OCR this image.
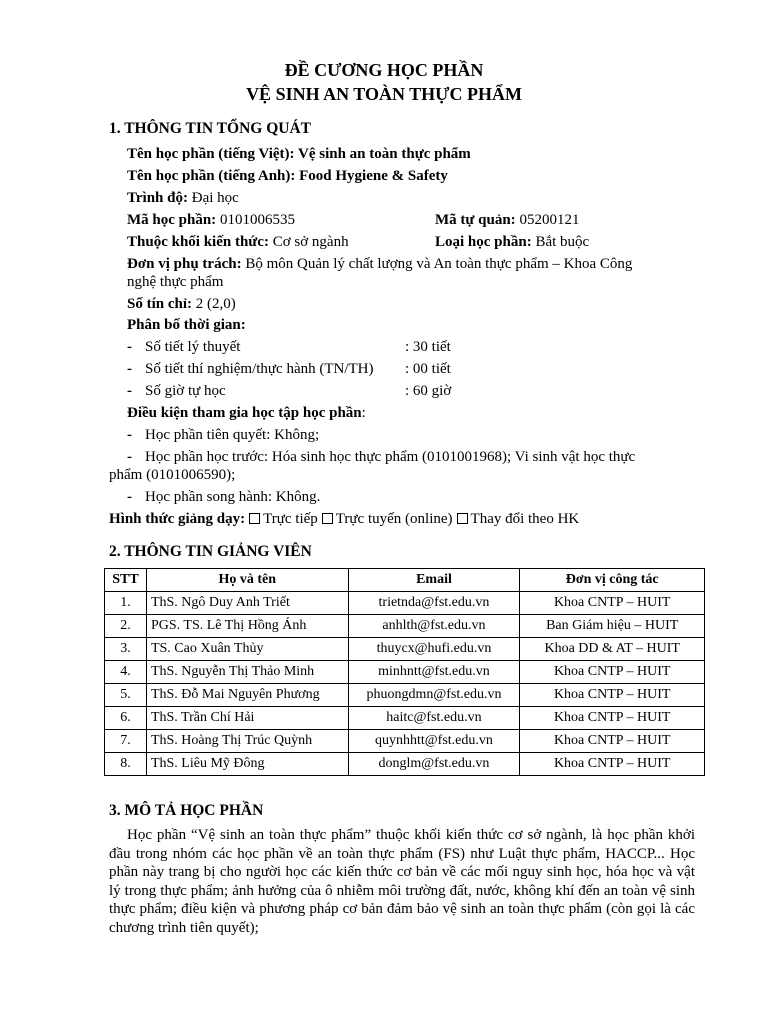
ĐỀ CƯƠNG HỌC PHẦN
VỆ SINH AN TOÀN THỰC PHẨM
1. THÔNG TIN TỔNG QUÁT
Tên học phần (tiếng Việt): Vệ sinh an toàn thực phẩm
Tên học phần (tiếng Anh): Food Hygiene & Safety
Trình độ: Đại học
Mã học phần: 0101006535	Mã tự quản: 05200121
Thuộc khối kiến thức: Cơ sở ngành	Loại học phần: Bắt buộc
Đơn vị phụ trách: Bộ môn Quản lý chất lượng và An toàn thực phẩm – Khoa Công
nghệ thực phẩm
Số tín chỉ: 2 (2,0)
Phân bố thời gian:
- Số tiết lý thuyết	: 30 tiết
- Số tiết thí nghiệm/thực hành (TN/TH) : 00 tiết
- Số giờ tự học	: 60 giờ
Điều kiện tham gia học tập học phần:
- Học phần tiên quyết: Không;
- Học phần học trước: Hóa sinh học thực phẩm (0101001968); Vi sinh vật học thực
phẩm (0101006590);
- Học phần song hành: Không.
Hình thức giảng dạy: Trực tiếp Trực tuyến (online) Thay đổi theo HK
2. THÔNG TIN GIẢNG VIÊN
STT	Họ và tên	Email	Đơn vị công tác
1.	ThS. Ngô Duy Anh Triết	trietnda@fst.edu.vn	Khoa CNTP – HUIT
2.	PGS. TS. Lê Thị Hồng Ánh	anhlth@fst.edu.vn	Ban Giám hiệu – HUIT
3.	TS. Cao Xuân Thủy	thuycx@hufi.edu.vn	Khoa DD & AT – HUIT
4.	ThS. Nguyễn Thị Thảo Minh	minhntt@fst.edu.vn	Khoa CNTP – HUIT
5.	ThS. Đỗ Mai Nguyên Phương	phuongdmn@fst.edu.vn	Khoa CNTP – HUIT
6.	ThS. Trần Chí Hải	haitc@fst.edu.vn	Khoa CNTP – HUIT
7.	ThS. Hoàng Thị Trúc Quỳnh	quynhhtt@fst.edu.vn	Khoa CNTP – HUIT
8.	ThS. Liêu Mỹ Đông	donglm@fst.edu.vn	Khoa CNTP – HUIT
3. MÔ TẢ HỌC PHẦN
Học phần “Vệ sinh an toàn thực phẩm” thuộc khối kiến thức cơ sở ngành, là học phần khởi đầu trong nhóm các học phần về an toàn thực phẩm (FS) như Luật thực phẩm, HACCP... Học phần này trang bị cho người học các kiến thức cơ bản về các mối nguy sinh học, hóa học và vật lý trong thực phẩm; ảnh hưởng của ô nhiễm môi trường đất, nước, không khí đến an toàn vệ sinh thực phẩm; điều kiện và phương pháp cơ bản đảm bảo vệ sinh an toàn thực phẩm (còn gọi là các chương trình tiên quyết);
